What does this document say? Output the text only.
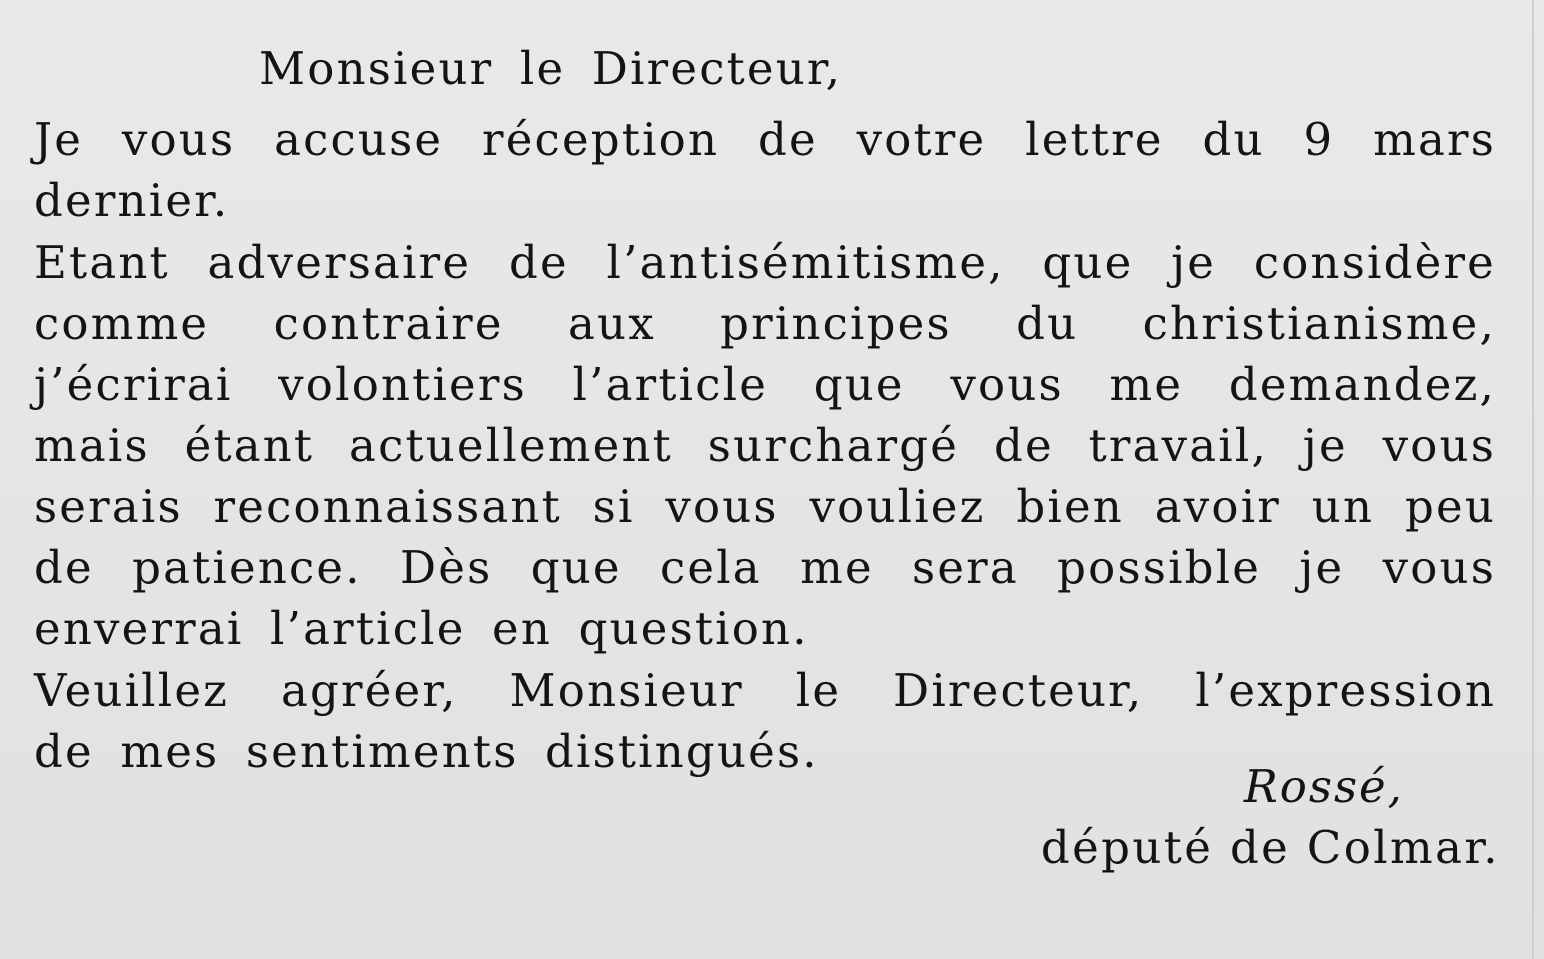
Monsieur le Directeur,
Je vous accuse réception de votre lettre du 9 mars
dernier.
Etant adversaire de l’antisémitisme, que je considère
comme contraire aux principes du christianisme,
j’écrirai volontiers l’article que vous me demandez,
mais étant actuellement surchargé de travail, je vous
serais reconnaissant si vous vouliez bien avoir un peu
de patience. Dès que cela me sera possible je vous
enverrai l’article en question.
Veuillez agréer, Monsieur le Directeur, l’expression
de mes sentiments distingués.
Rossé,
député de Colmar.
